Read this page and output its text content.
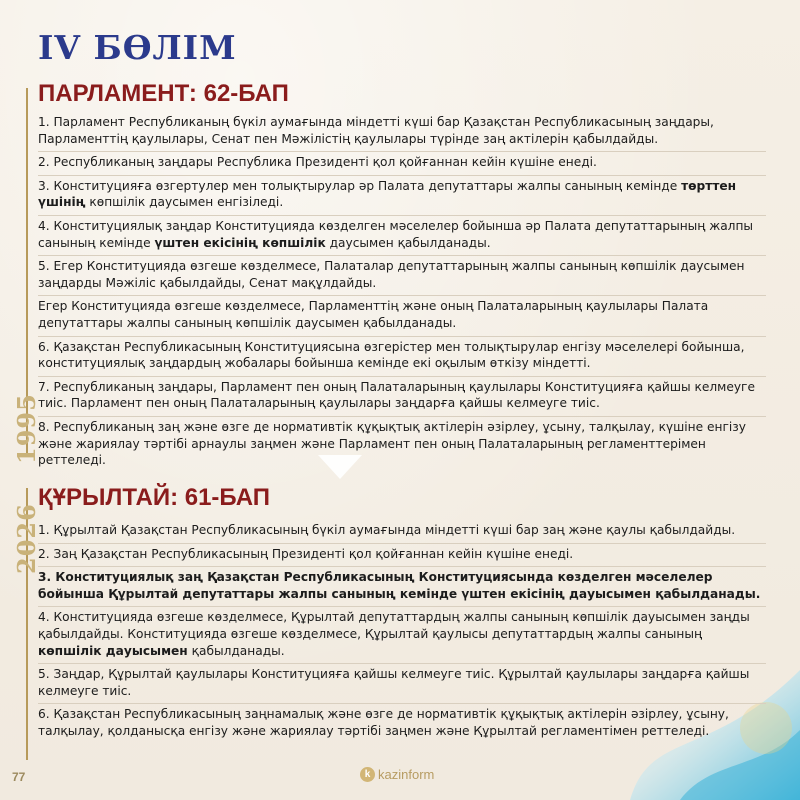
1995
2026
IV БӨЛІМ
ПАРЛАМЕНТ: 62-БАП

1. Парламент Республиканың бүкіл аумағында міндетті күші бар Қазақстан Республикасының заңдары, Парламенттің қаулылары, Сенат пен Мәжілістің қаулылары түрінде заң актілерін қабылдайды.

2. Республиканың заңдары Республика Президенті қол қойғаннан кейін күшіне енеді.

3. Конституцияға өзгертулер мен толықтырулар әр Палата депутаттары жалпы санының кемінде төрттен үшінің көпшілік даусымен енгізіледі.

4. Конституциялық заңдар Конституцияда көзделген мәселелер бойынша әр Палата депутаттарының жалпы санының кемінде үштен екісінің көпшілік даусымен қабылданады.

5. Егер Конституцияда өзгеше көзделмесе, Палаталар депутаттарының жалпы санының көпшілік даусымен заңдарды Мәжіліс қабылдайды, Сенат мақұлдайды.

Егер Конституцияда өзгеше көзделмесе, Парламенттің және оның Палаталарының қаулылары Палата депутаттары жалпы санының көпшілік даусымен қабылданады.

6. Қазақстан Республикасының Конституциясына өзгерістер мен толықтырулар енгізу мәселелері бойынша, конституциялық заңдардың жобалары бойынша кемінде екі оқылым өткізу міндетті.

7. Республиканың заңдары, Парламент пен оның Палаталарының қаулылары Конституцияға қайшы келмеуге тиіс. Парламент пен оның Палаталарының қаулылары заңдарға қайшы келмеуге тиіс.

8. Республиканың заң және өзге де нормативтік құқықтық актілерін әзірлеу, ұсыну, талқылау, күшіне енгізу және жариялау тәртібі арнаулы заңмен және Парламент пен оның Палаталарының регламенттерімен реттеледі.

ҚҰРЫЛТАЙ: 61-БАП

1. Құрылтай Қазақстан Республикасының бүкіл аумағында міндетті күші бар заң және қаулы қабылдайды.

2. Заң Қазақстан Республикасының Президенті қол қойғаннан кейін күшіне енеді.

3. Конституциялық заң Қазақстан Республикасының Конституциясында көзделген мәселелер бойынша Құрылтай депутаттары жалпы санының кемінде үштен екісінің дауысымен қабылданады.

4. Конституцияда өзгеше көзделмесе, Құрылтай депутаттардың жалпы санының көпшілік дауысымен заңды қабылдайды. Конституцияда өзгеше көзделмесе, Құрылтай қаулысы депутаттардың жалпы санының көпшілік дауысымен қабылданады.

5. Заңдар, Құрылтай қаулылары Конституцияға қайшы келмеуге тиіс. Құрылтай қаулылары заңдарға қайшы келмеуге тиіс.

6. Қазақстан Республикасының заңнамалық және өзге де нормативтік құқықтық актілерін әзірлеу, ұсыну, талқылау, қолданысқа енгізу және жариялау тәртібі заңмен және Құрылтай регламентімен реттеледі.

77	k kazinform
